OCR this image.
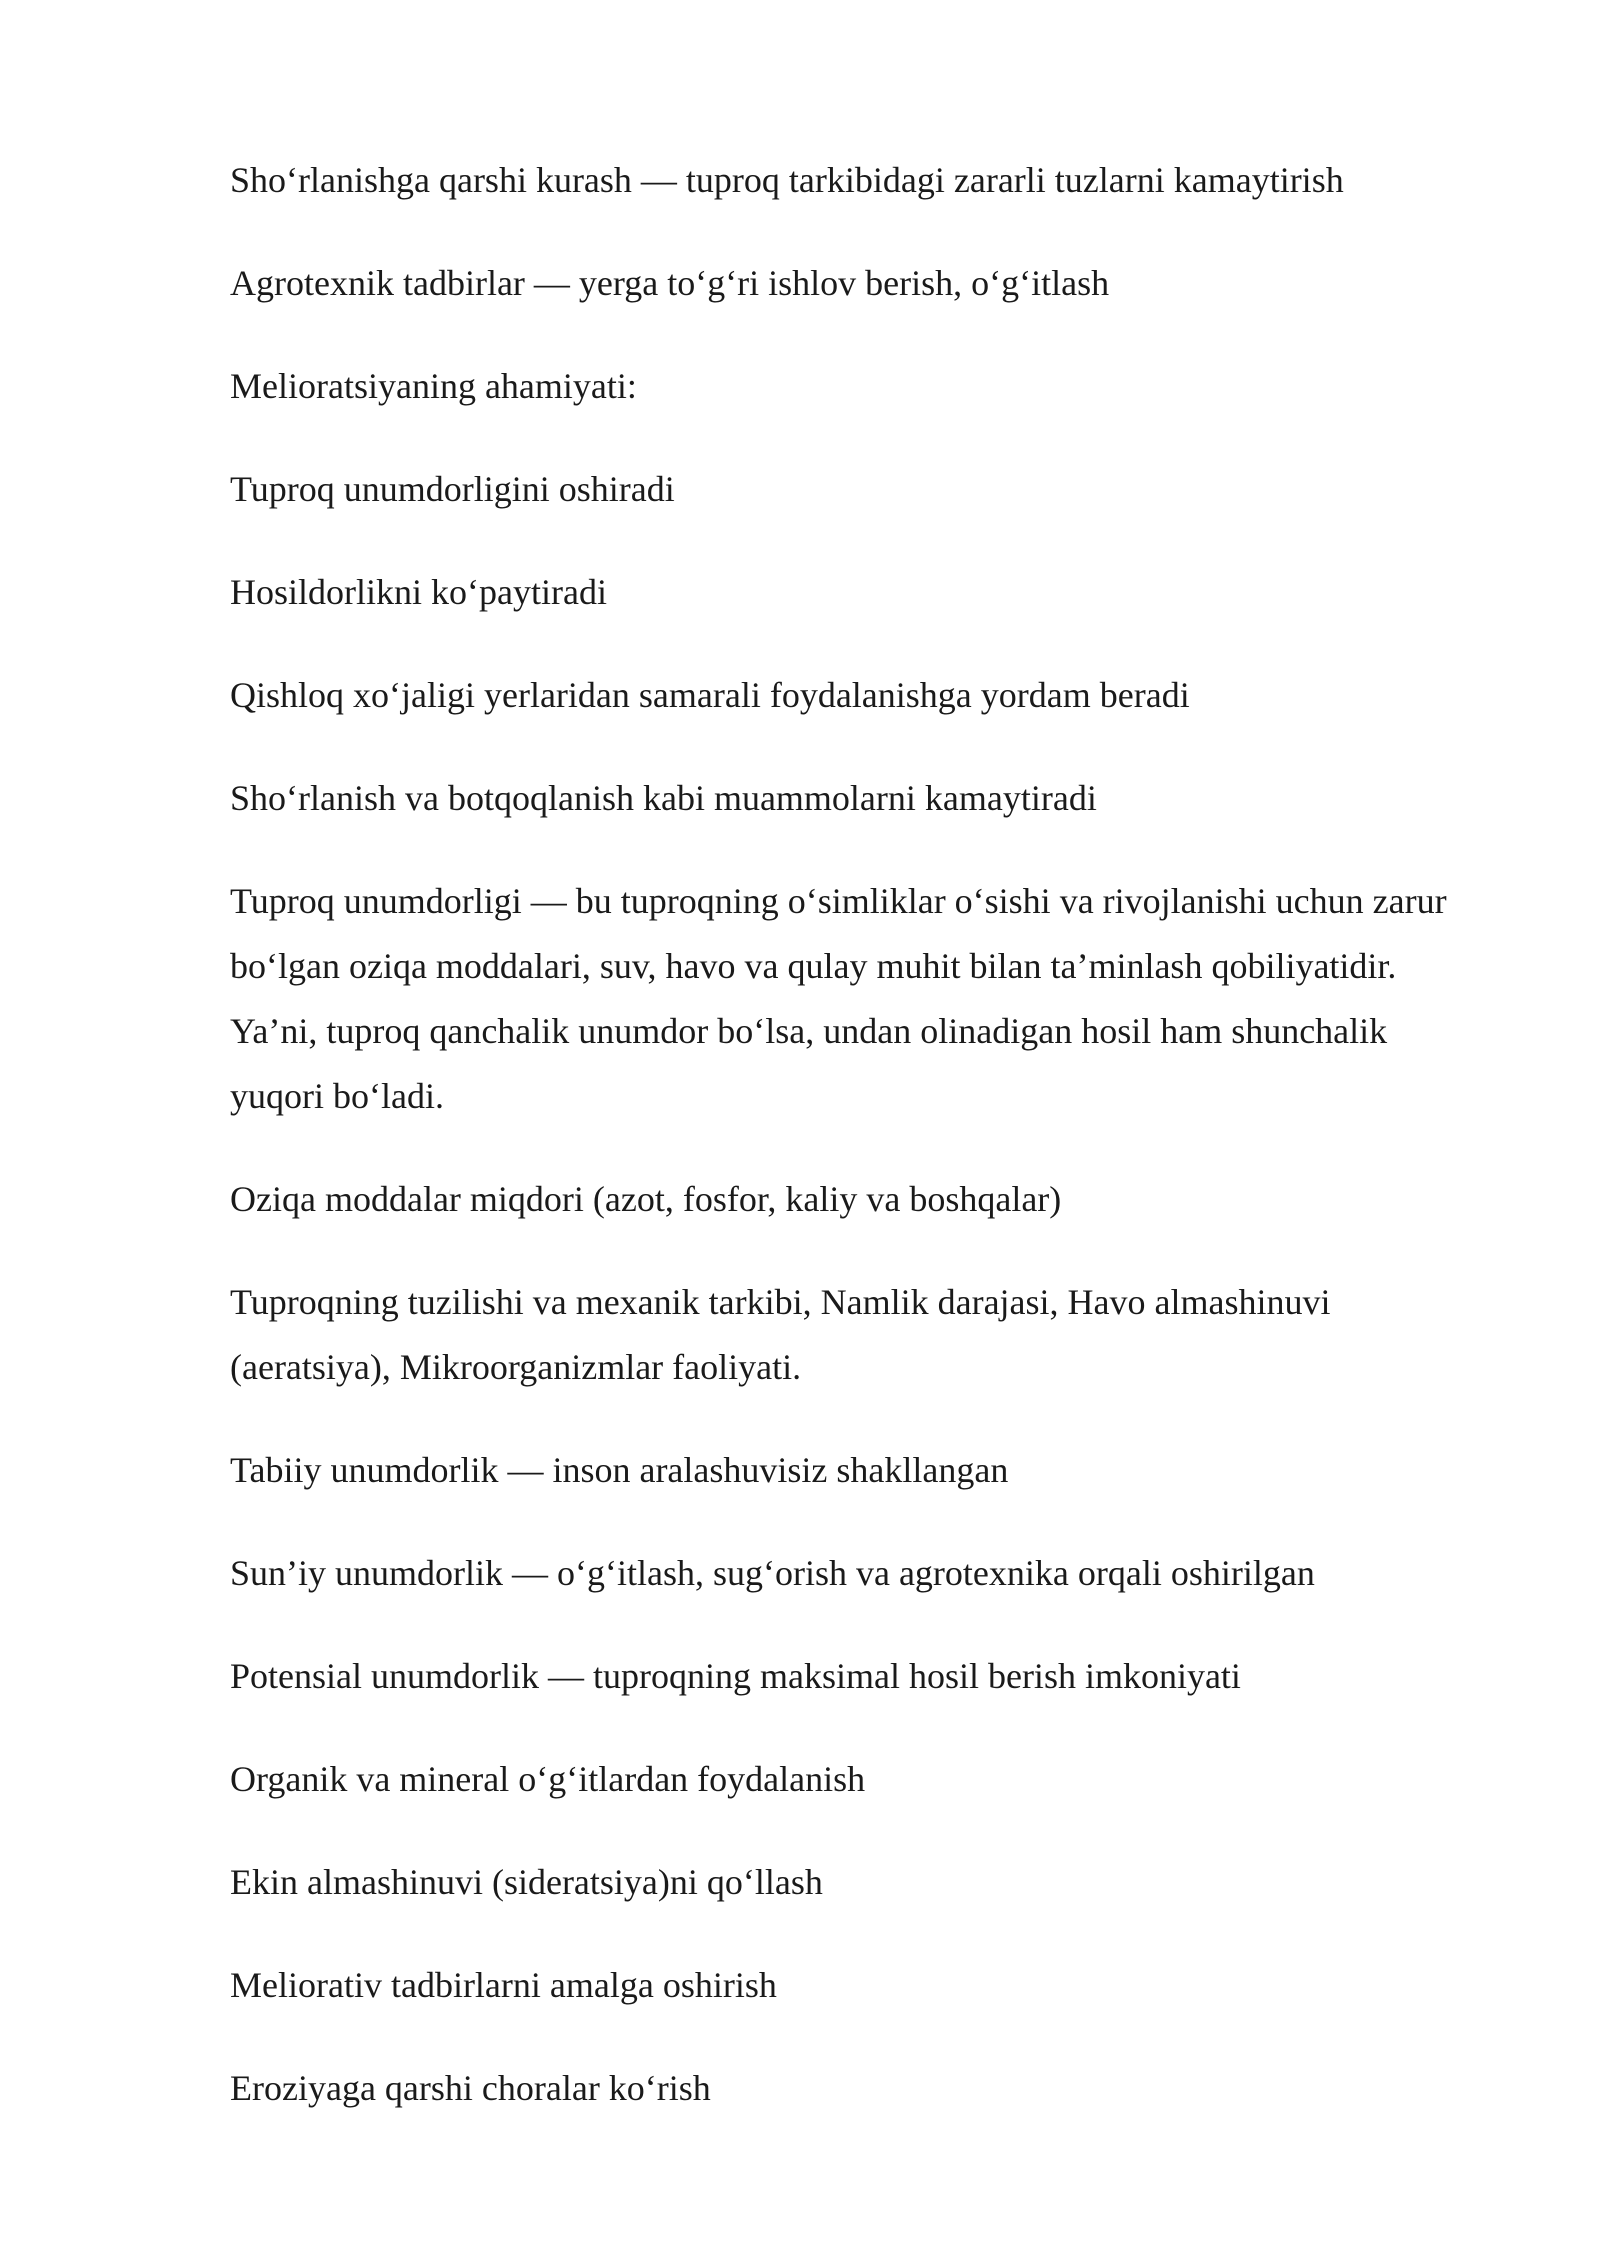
Sho‘rlanishga qarshi kurash — tuproq tarkibidagi zararli tuzlarni kamaytirish

Agrotexnik tadbirlar — yerga to‘g‘ri ishlov berish, o‘g‘itlash

Melioratsiyaning ahamiyati:

Tuproq unumdorligini oshiradi

Hosildorlikni ko‘paytiradi

Qishloq xo‘jaligi yerlaridan samarali foydalanishga yordam beradi

Sho‘rlanish va botqoqlanish kabi muammolarni kamaytiradi

Tuproq unumdorligi — bu tuproqning o‘simliklar o‘sishi va rivojlanishi uchun zarur bo‘lgan oziqa moddalari, suv, havo va qulay muhit bilan ta’minlash qobiliyatidir. Ya’ni, tuproq qanchalik unumdor bo‘lsa, undan olinadigan hosil ham shunchalik yuqori bo‘ladi.

Oziqa moddalar miqdori (azot, fosfor, kaliy va boshqalar)

Tuproqning tuzilishi va mexanik tarkibi, Namlik darajasi, Havo almashinuvi (aeratsiya), Mikroorganizmlar faoliyati.

Tabiiy unumdorlik — inson aralashuvisiz shakllangan

Sun’iy unumdorlik — o‘g‘itlash, sug‘orish va agrotexnika orqali oshirilgan

Potensial unumdorlik — tuproqning maksimal hosil berish imkoniyati

Organik va mineral o‘g‘itlardan foydalanish

Ekin almashinuvi (sideratsiya)ni qo‘llash

Meliorativ tadbirlarni amalga oshirish

Eroziyaga qarshi choralar ko‘rish
